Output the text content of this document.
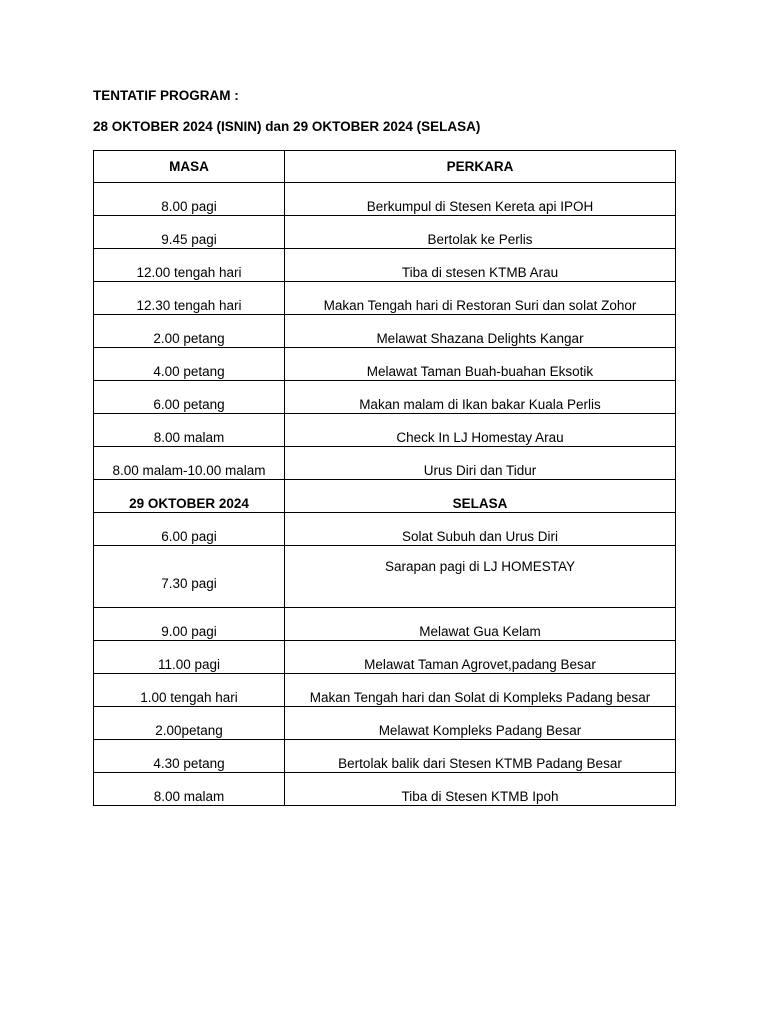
TENTATIF PROGRAM :
28 OKTOBER 2024 (ISNIN) dan 29 OKTOBER 2024 (SELASA)
MASA	PERKARA
8.00 pagi	Berkumpul di Stesen Kereta api IPOH
9.45 pagi	Bertolak ke Perlis
12.00 tengah hari	Tiba di stesen KTMB Arau
12.30 tengah hari	Makan Tengah hari di Restoran Suri dan solat Zohor
2.00 petang	Melawat Shazana Delights Kangar
4.00 petang	Melawat Taman Buah-buahan Eksotik
6.00 petang	Makan malam di Ikan bakar Kuala Perlis
8.00 malam	Check In LJ Homestay Arau
8.00 malam-10.00 malam	Urus Diri dan Tidur
29 OKTOBER 2024	SELASA
6.00 pagi	Solat Subuh dan Urus Diri
7.30 pagi	Sarapan pagi di LJ HOMESTAY
9.00 pagi	Melawat Gua Kelam
11.00 pagi	Melawat Taman Agrovet,padang Besar
1.00 tengah hari	Makan Tengah hari dan Solat di Kompleks Padang besar
2.00petang	Melawat Kompleks Padang Besar
4.30 petang	Bertolak balik dari Stesen KTMB Padang Besar
8.00 malam	Tiba di Stesen KTMB Ipoh
